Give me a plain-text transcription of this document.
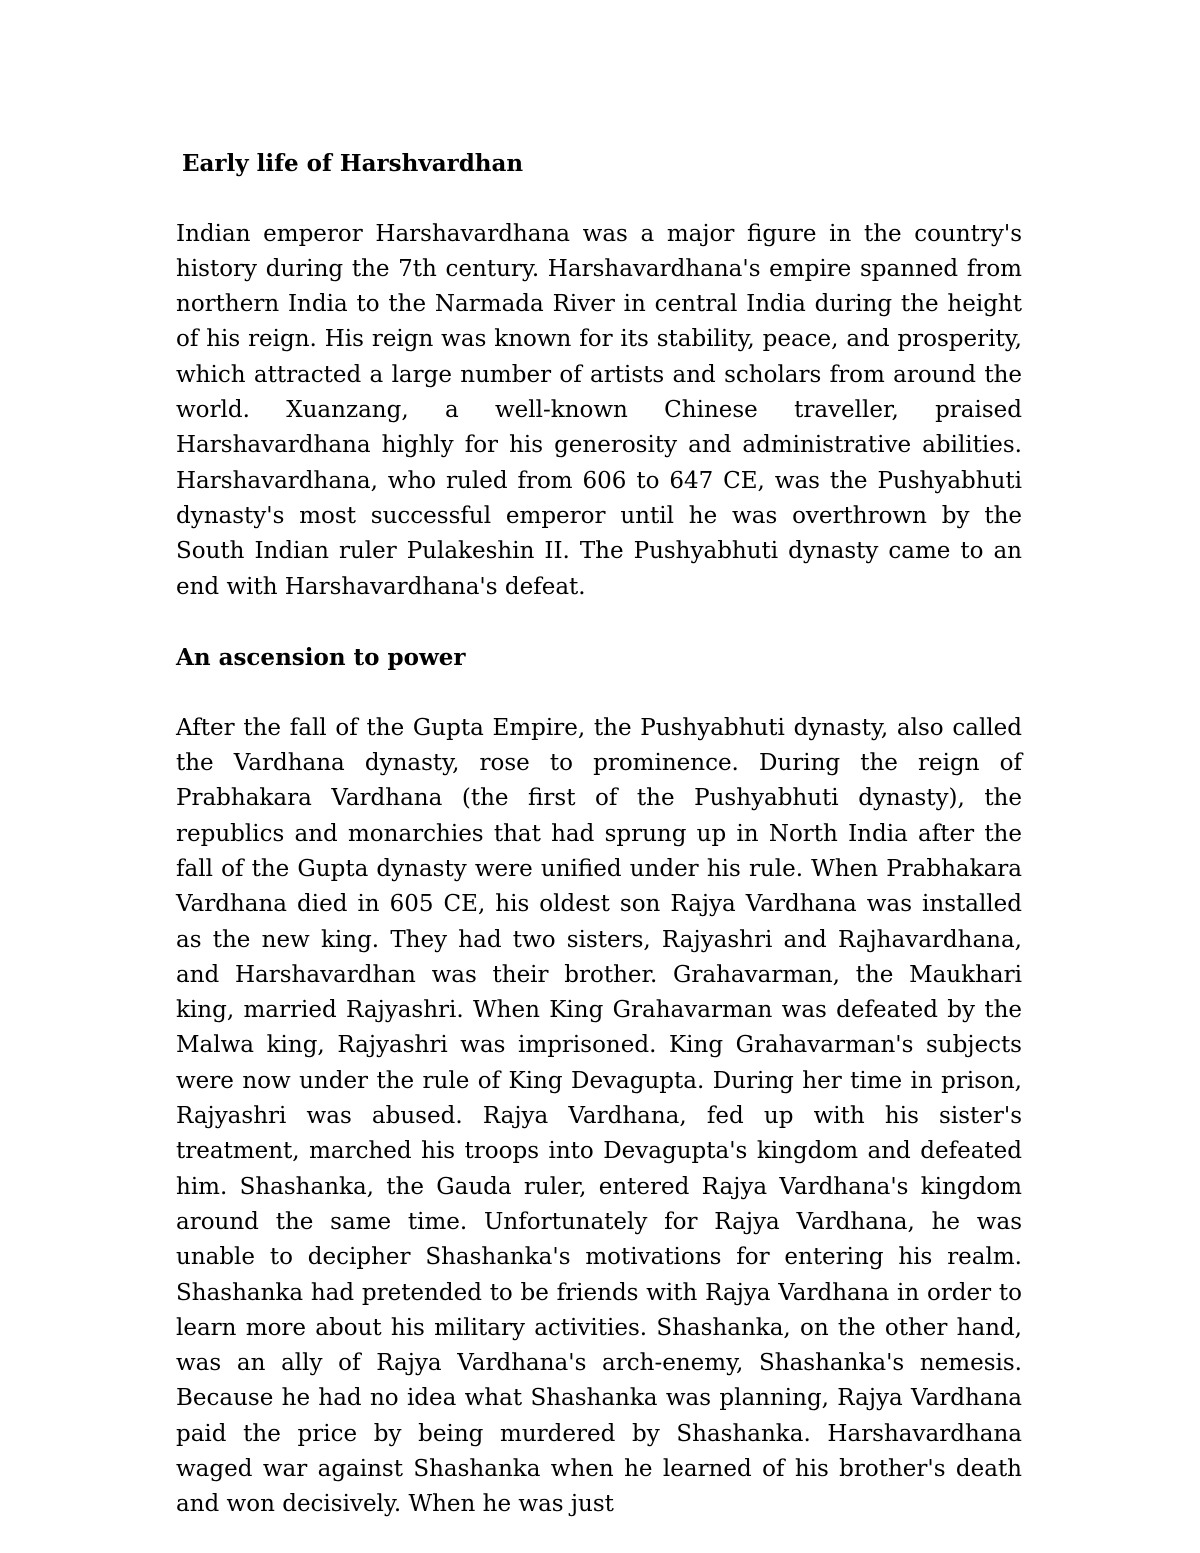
Early life of Harshvardhan

Indian emperor Harshavardhana was a major figure in the country's history during the 7th century. Harshavardhana's empire spanned from northern India to the Narmada River in central India during the height of his reign. His reign was known for its stability, peace, and prosperity, which attracted a large number of artists and scholars from around the world. Xuanzang, a well-known Chinese traveller, praised Harshavardhana highly for his generosity and administrative abilities. Harshavardhana, who ruled from 606 to 647 CE, was the Pushyabhuti dynasty's most successful emperor until he was overthrown by the South Indian ruler Pulakeshin II. The Pushyabhuti dynasty came to an end with Harshavardhana's defeat.

An ascension to power

After the fall of the Gupta Empire, the Pushyabhuti dynasty, also called the Vardhana dynasty, rose to prominence. During the reign of Prabhakara Vardhana (the first of the Pushyabhuti dynasty), the republics and monarchies that had sprung up in North India after the fall of the Gupta dynasty were unified under his rule. When Prabhakara Vardhana died in 605 CE, his oldest son Rajya Vardhana was installed as the new king. They had two sisters, Rajyashri and Rajhavardhana, and Harshavardhan was their brother. Grahavarman, the Maukhari king, married Rajyashri. When King Grahavarman was defeated by the Malwa king, Rajyashri was imprisoned. King Grahavarman's subjects were now under the rule of King Devagupta. During her time in prison, Rajyashri was abused. Rajya Vardhana, fed up with his sister's treatment, marched his troops into Devagupta's kingdom and defeated him. Shashanka, the Gauda ruler, entered Rajya Vardhana's kingdom around the same time. Unfortunately for Rajya Vardhana, he was unable to decipher Shashanka's motivations for entering his realm. Shashanka had pretended to be friends with Rajya Vardhana in order to learn more about his military activities. Shashanka, on the other hand, was an ally of Rajya Vardhana's arch-enemy, Shashanka's nemesis. Because he had no idea what Shashanka was planning, Rajya Vardhana paid the price by being murdered by Shashanka. Harshavardhana waged war against Shashanka when he learned of his brother's death and won decisively. When he was just
